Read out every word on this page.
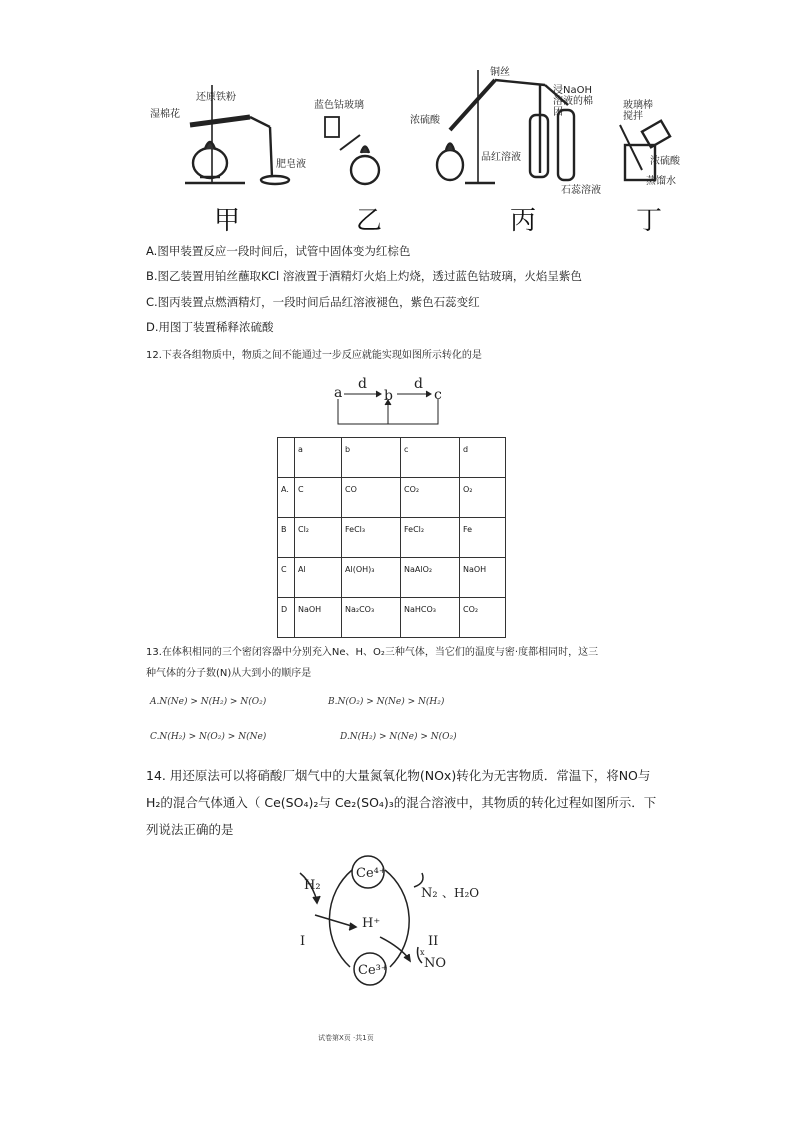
还原铁粉
湿棉花
肥皂液
蓝色钴玻璃
铜丝
浓硫酸
品红溶液
浸NaOH溶液的棉团
石蕊溶液
玻璃棒搅拌
浓硫酸
蒸馏水
甲	乙	丙	丁
A.图甲装置反应一段时间后，试管中固体变为红棕色
B.图乙装置用铂丝蘸取KCl 溶液置于酒精灯火焰上灼烧，透过蓝色钴玻璃，火焰呈紫色
C.图丙装置点燃酒精灯，一段时间后品红溶液褪色，紫色石蕊变红
D.用图丁装置稀释浓硫酸
12.下表各组物质中，物质之间不能通过一步反应就能实现如图所示转化的是
a
d
b
d
c
	a	b	c	d
A.	C	CO	CO₂	O₂
B	Cl₂	FeCl₃	FeCl₂	Fe
C	Al	Al(OH)₃	NaAlO₂	NaOH
D	NaOH	Na₂CO₃	NaHCO₃	CO₂
13.在体积相同的三个密闭容器中分别充入Ne、H、O₂三种气体，当它们的温度与密·度都相同时，这三
种气体的分子数(N)从大到小的顺序是
A.N(Ne) > N(H₂) > N(O₂)	B.N(O₂) > N(Ne) > N(H₂)
C.N(H₂) > N(O₂) > N(Ne)	D.N(H₂) > N(Ne) > N(O₂)
14. 用还原法可以将硝酸厂烟气中的大量氮氧化物(NOx)转化为无害物质．常温下，将NO与
H₂的混合气体通入（ Ce(SO₄)₂与 Ce₂(SO₄)₃的混合溶液中，其物质的转化过程如图所示．下
列说法正确的是
Ce⁴⁺
Ce³⁺
H₂
H⁺
N₂ 、H₂O
I	II
x
NO
试卷第X页 ·共1页
